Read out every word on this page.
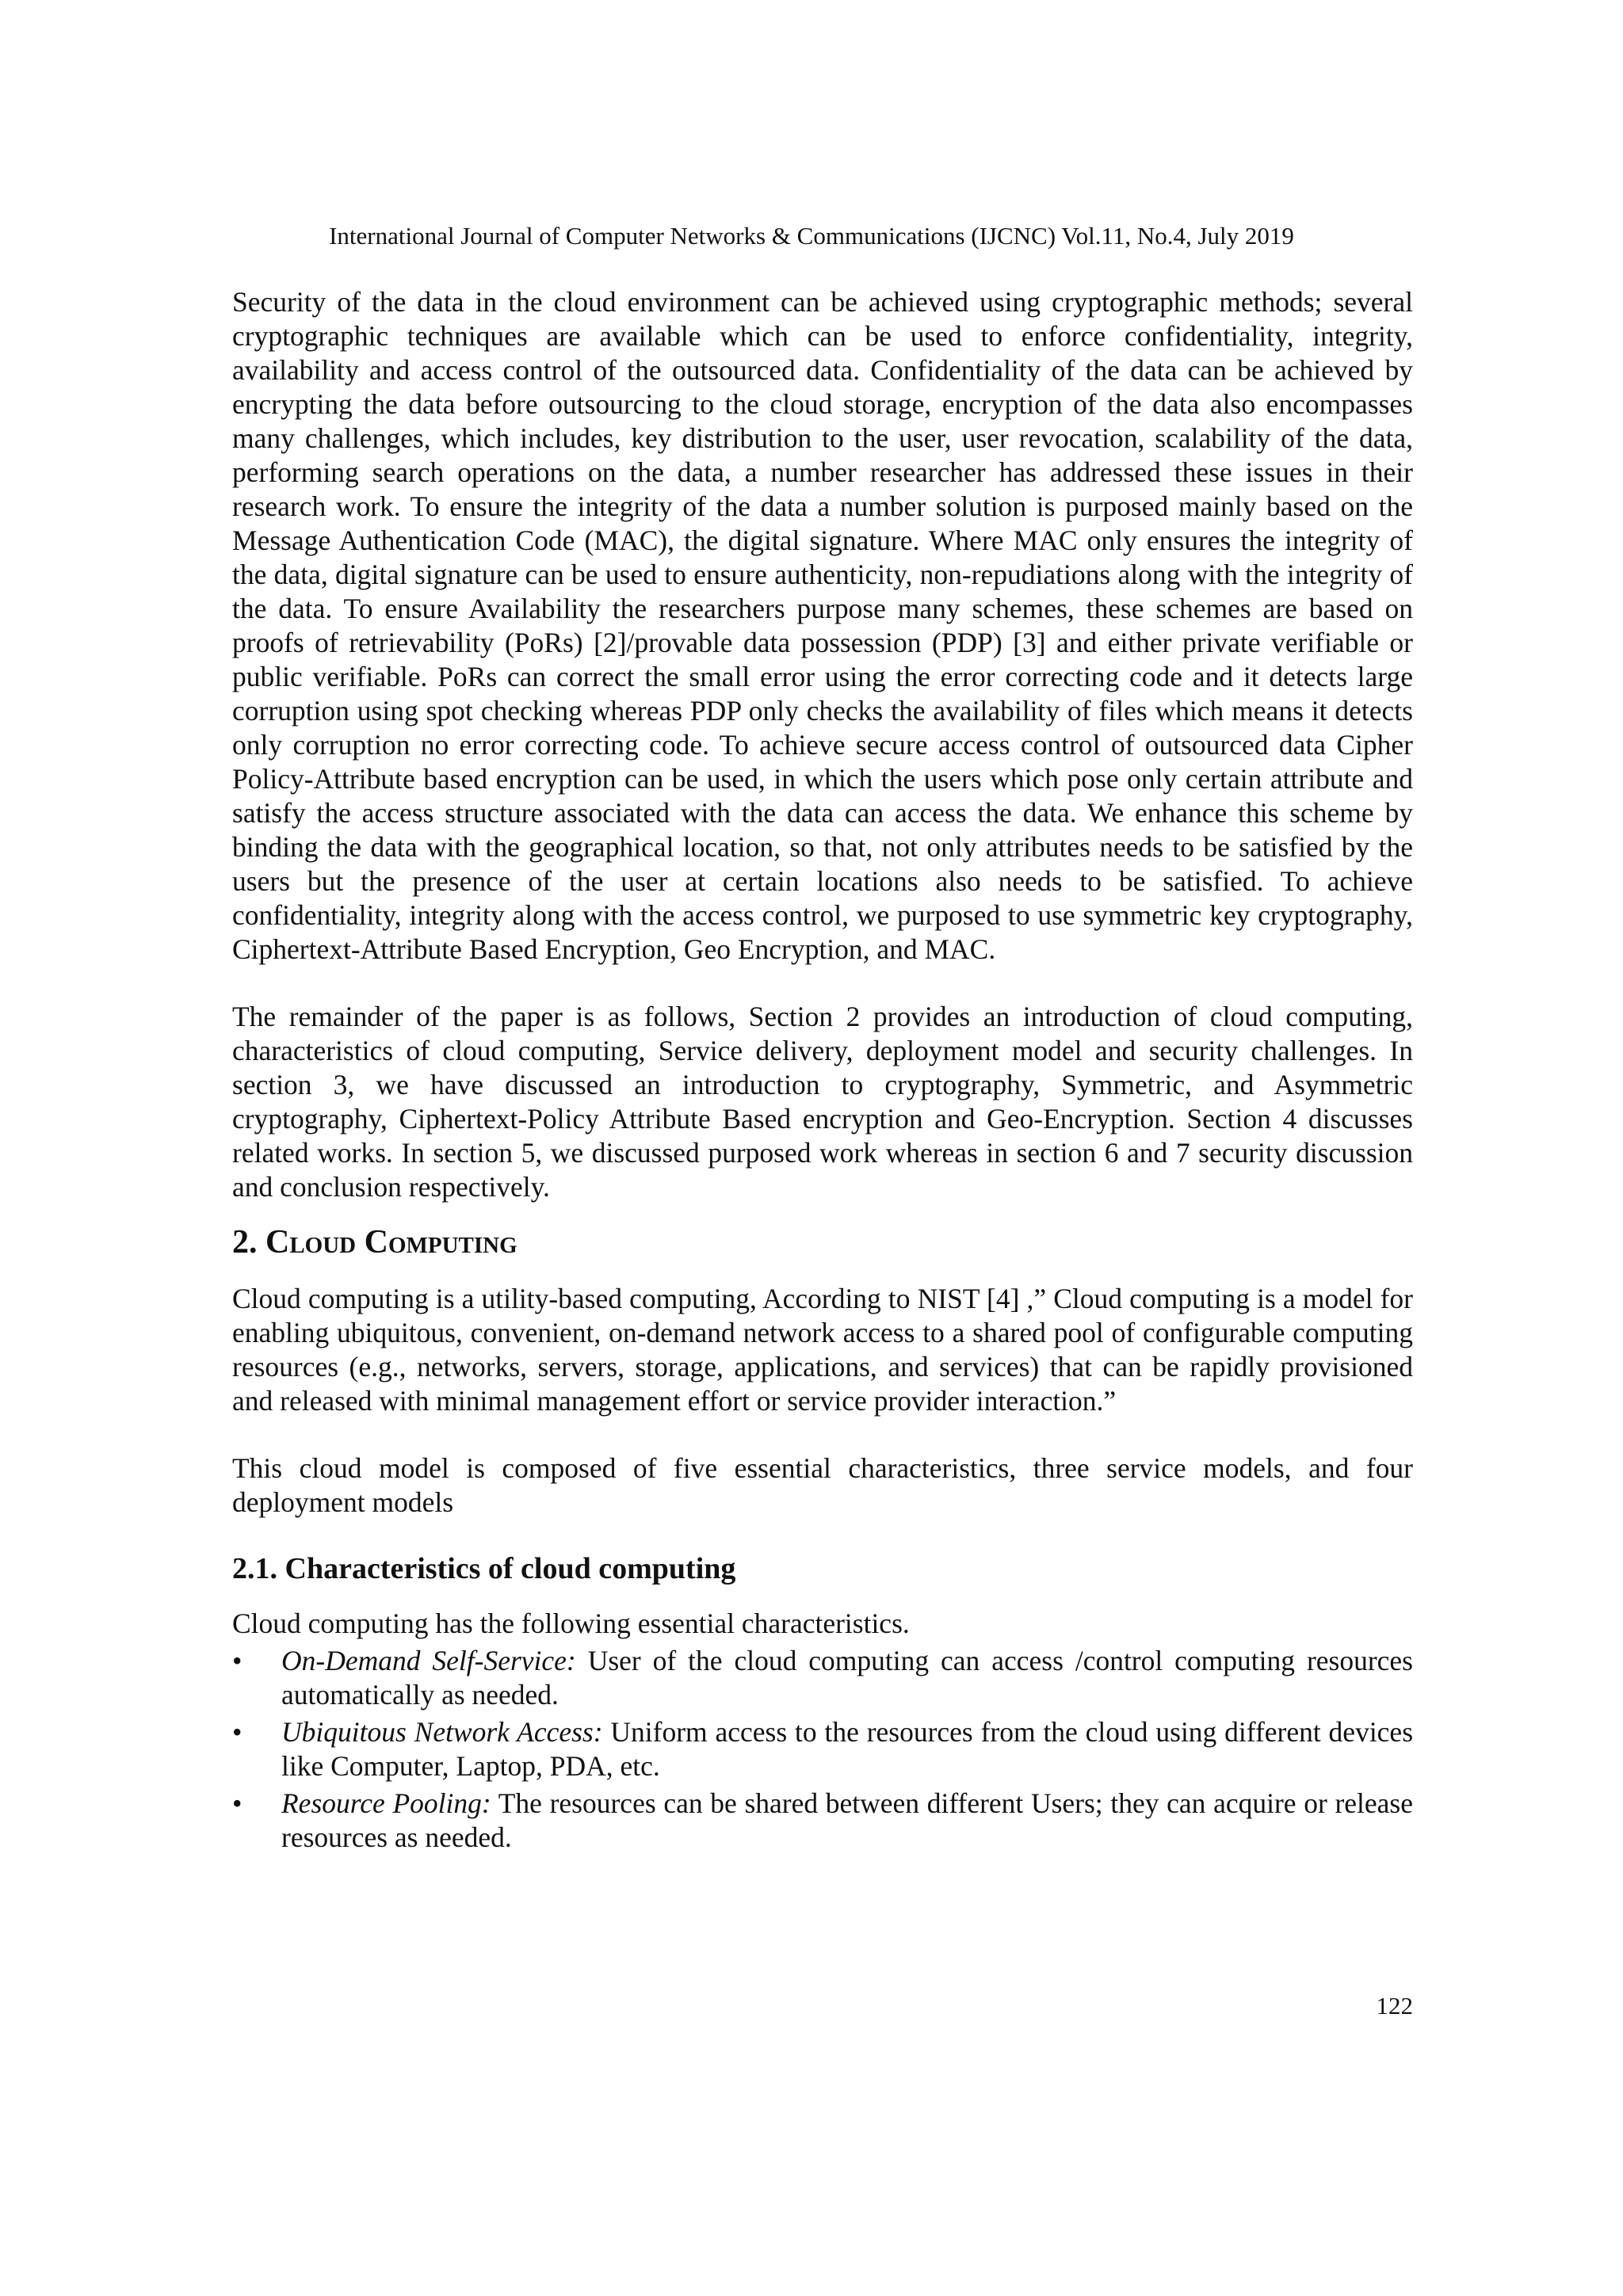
International Journal of Computer Networks & Communications (IJCNC) Vol.11, No.4, July 2019

Security of the data in the cloud environment can be achieved using cryptographic methods; several cryptographic techniques are available which can be used to enforce confidentiality, integrity, availability and access control of the outsourced data. Confidentiality of the data can be achieved by encrypting the data before outsourcing to the cloud storage, encryption of the data also encompasses many challenges, which includes, key distribution to the user, user revocation, scalability of the data, performing search operations on the data, a number researcher has addressed these issues in their research work. To ensure the integrity of the data a number solution is purposed mainly based on the Message Authentication Code (MAC), the digital signature. Where MAC only ensures the integrity of the data, digital signature can be used to ensure authenticity, non-repudiations along with the integrity of the data. To ensure Availability the researchers purpose many schemes, these schemes are based on proofs of retrievability (PoRs) [2]/provable data possession (PDP) [3] and either private verifiable or public verifiable. PoRs can correct the small error using the error correcting code and it detects large corruption using spot checking whereas PDP only checks the availability of files which means it detects only corruption no error correcting code. To achieve secure access control of outsourced data Cipher Policy-Attribute based encryption can be used, in which the users which pose only certain attribute and satisfy the access structure associated with the data can access the data. We enhance this scheme by binding the data with the geographical location, so that, not only attributes needs to be satisfied by the users but the presence of the user at certain locations also needs to be satisfied. To achieve confidentiality, integrity along with the access control, we purposed to use symmetric key cryptography, Ciphertext-Attribute Based Encryption, Geo Encryption, and MAC.

The remainder of the paper is as follows, Section 2 provides an introduction of cloud computing, characteristics of cloud computing, Service delivery, deployment model and security challenges. In section 3, we have discussed an introduction to cryptography, Symmetric, and Asymmetric cryptography, Ciphertext-Policy Attribute Based encryption and Geo-Encryption. Section 4 discusses related works. In section 5, we discussed purposed work whereas in section 6 and 7 security discussion and conclusion respectively.

2. Cloud Computing

Cloud computing is a utility-based computing, According to NIST [4] ,” Cloud computing is a model for enabling ubiquitous, convenient, on-demand network access to a shared pool of configurable computing resources (e.g., networks, servers, storage, applications, and services) that can be rapidly provisioned and released with minimal management effort or service provider interaction.”

This cloud model is composed of five essential characteristics, three service models, and four deployment models

2.1. Characteristics of cloud computing

Cloud computing has the following essential characteristics.

• On-Demand Self-Service: User of the cloud computing can access /control computing resources automatically as needed.
• Ubiquitous Network Access: Uniform access to the resources from the cloud using different devices like Computer, Laptop, PDA, etc.
• Resource Pooling: The resources can be shared between different Users; they can acquire or release resources as needed.
122
